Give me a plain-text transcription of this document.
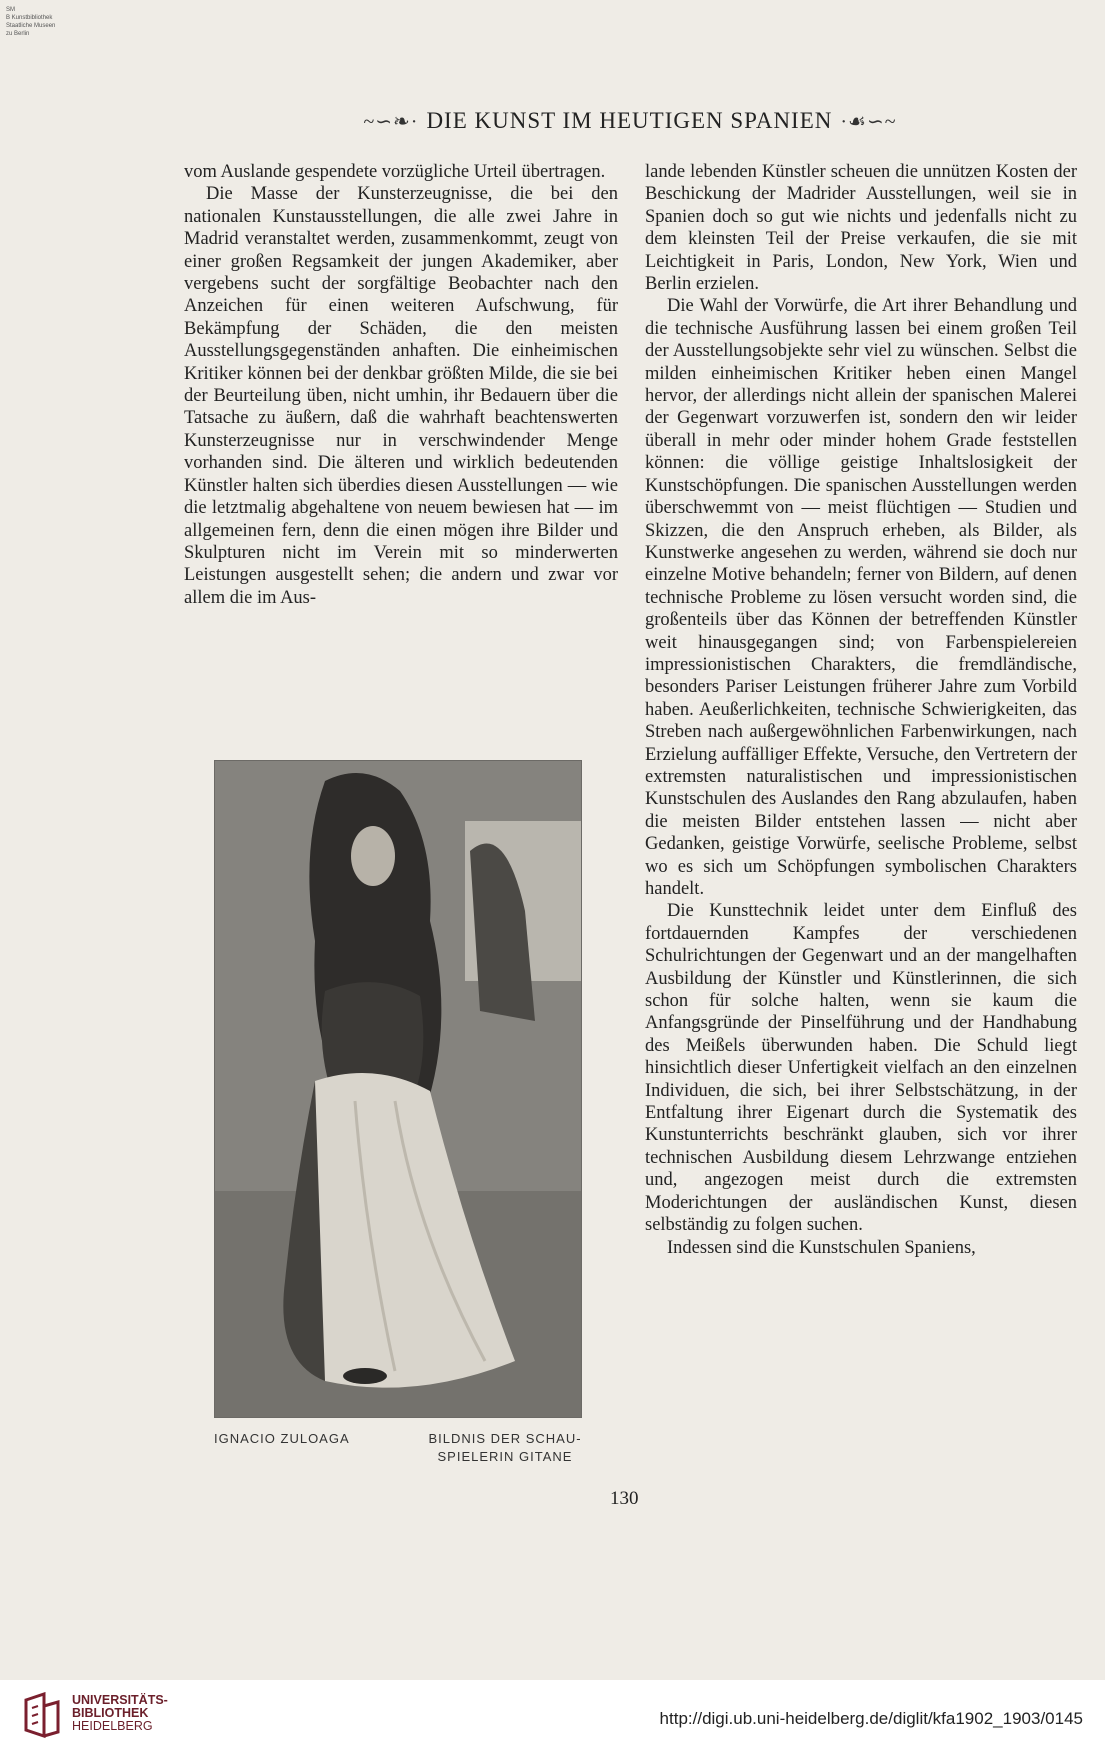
SM
B Kunstbibliothek
Staatliche Museen
zu Berlin
~∽❧· DIE KUNST IM HEUTIGEN SPANIEN ·☙∽~

vom Auslande gespendete vorzügliche Urteil übertragen.

Die Masse der Kunsterzeugnisse, die bei den nationalen Kunstausstellungen, die alle zwei Jahre in Madrid veranstaltet werden, zusammenkommt, zeugt von einer großen Regsamkeit der jungen Akademiker, aber vergebens sucht der sorgfältige Beobachter nach den Anzeichen für einen weiteren Aufschwung, für Bekämpfung der Schäden, die den meisten Ausstellungsgegenständen anhaften. Die einheimischen Kritiker können bei der denkbar größten Milde, die sie bei der Beurteilung üben, nicht umhin, ihr Bedauern über die Tatsache zu äußern, daß die wahrhaft beachtenswerten Kunsterzeugnisse nur in verschwindender Menge vorhanden sind. Die älteren und wirklich bedeutenden Künstler halten sich überdies diesen Ausstellungen — wie die letztmalig abgehaltene von neuem bewiesen hat — im allgemeinen fern, denn die einen mögen ihre Bilder und Skulpturen nicht im Verein mit so minderwerten Leistungen ausgestellt sehen; die andern und zwar vor allem die im Aus-

lande lebenden Künstler scheuen die unnützen Kosten der Beschickung der Madrider Ausstellungen, weil sie in Spanien doch so gut wie nichts und jedenfalls nicht zu dem kleinsten Teil der Preise verkaufen, die sie mit Leichtigkeit in Paris, London, New York, Wien und Berlin erzielen.

Die Wahl der Vorwürfe, die Art ihrer Behandlung und die technische Ausführung lassen bei einem großen Teil der Ausstellungsobjekte sehr viel zu wünschen. Selbst die milden einheimischen Kritiker heben einen Mangel hervor, der allerdings nicht allein der spanischen Malerei der Gegenwart vorzuwerfen ist, sondern den wir leider überall in mehr oder minder hohem Grade feststellen können: die völlige geistige Inhaltslosigkeit der Kunstschöpfungen. Die spanischen Ausstellungen werden überschwemmt von — meist flüchtigen — Studien und Skizzen, die den Anspruch erheben, als Bilder, als Kunstwerke angesehen zu werden, während sie doch nur einzelne Motive behandeln; ferner von Bildern, auf denen technische Probleme zu lösen versucht worden sind, die großenteils über das Können der betreffenden Künstler weit hinausgegangen sind; von Farbenspielereien impressionistischen Charakters, die fremdländische, besonders Pariser Leistungen früherer Jahre zum Vorbild haben. Aeußerlichkeiten, technische Schwierigkeiten, das Streben nach außergewöhnlichen Farbenwirkungen, nach Erzielung auffälliger Effekte, Versuche, den Vertretern der extremsten naturalistischen und impressionistischen Kunstschulen des Auslandes den Rang abzulaufen, haben die meisten Bilder entstehen lassen — nicht aber Gedanken, geistige Vorwürfe, seelische Probleme, selbst wo es sich um Schöpfungen symbolischen Charakters handelt.

Die Kunsttechnik leidet unter dem Einfluß des fortdauernden Kampfes der verschiedenen Schulrichtungen der Gegenwart und an der mangelhaften Ausbildung der Künstler und Künstlerinnen, die sich schon für solche halten, wenn sie kaum die Anfangsgründe der Pinselführung und der Handhabung des Meißels überwunden haben. Die Schuld liegt hinsichtlich dieser Unfertigkeit vielfach an den einzelnen Individuen, die sich, bei ihrer Selbstschätzung, in der Entfaltung ihrer Eigenart durch die Systematik des Kunstunterrichts beschränkt glauben, sich vor ihrer technischen Ausbildung diesem Lehrzwange entziehen und, angezogen meist durch die extremsten Moderichtungen der ausländischen Kunst, diesen selbständig zu folgen suchen.

Indessen sind die Kunstschulen Spaniens,

IGNACIO ZULOAGA	BILDNIS DER SCHAU-
SPIELERIN GITANE
130
UNIVERSITÄTS-
BIBLIOTHEK
HEIDELBERG	http://digi.ub.uni-heidelberg.de/diglit/kfa1902_1903/0145
